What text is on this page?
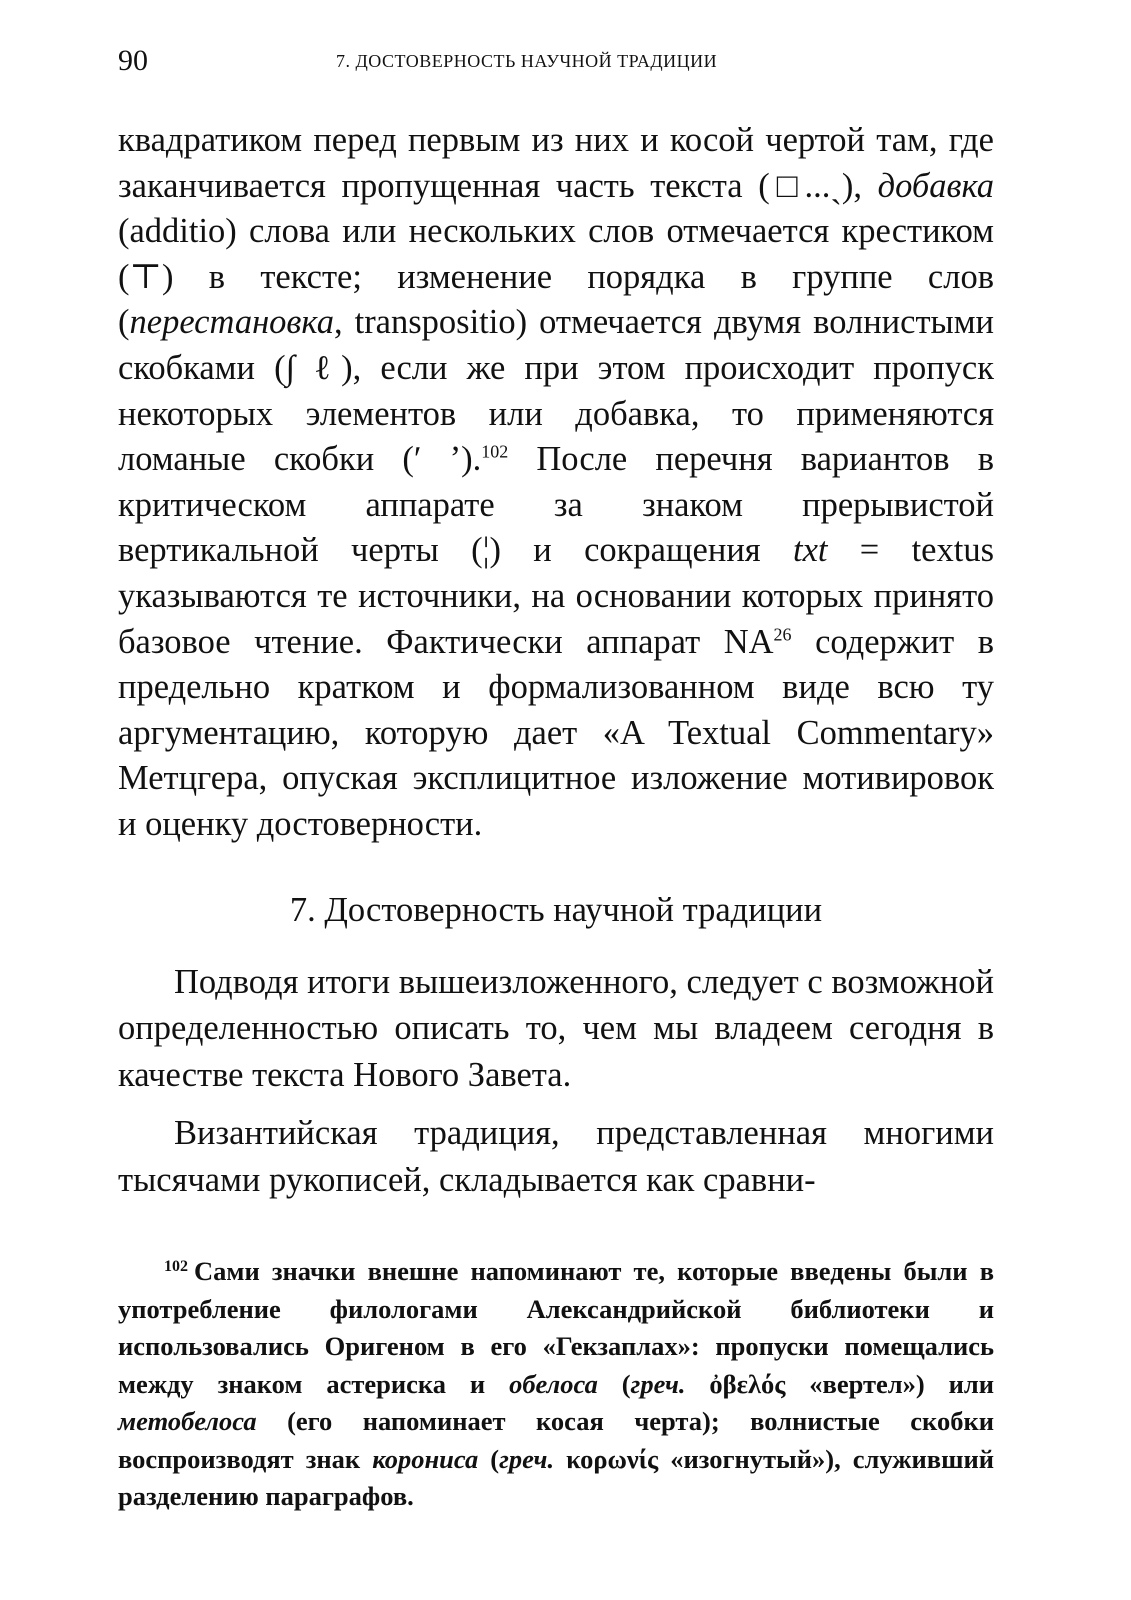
90	7. ДОСТОВЕРНОСТЬ НАУЧНОЙ ТРАДИЦИИ

квадратиком перед первым из них и косой чертой там, где заканчивается пропущенная часть текста (□...ˎ), добавка (additio) слова или нескольких слов отмечается крестиком (⊤) в тексте; изменение порядка в группе слов (перестановка, transpositio) отмечается двумя волнистыми скобками (∫ ℓ), если же при этом происходит пропуск некоторых элементов или добавка, то применяются ломаные скобки (ʹ ʼ).$^{102}$ После перечня вариантов в критическом аппарате за знаком прерывистой вертикальной черты (¦) и сокращения txt = textus указываются те источники, на основании которых принято базовое чтение. Фактически аппарат NA$^{26}$ содержит в предельно кратком и формализованном виде всю ту аргументацию, которую дает «A Textual Commentary» Метцгера, опуская эксплицитное изложение мотивировок и оценку достоверности.

7. Достоверность научной традиции

Подводя итоги вышеизложенного, следует с возможной определенностью описать то, чем мы владеем сегодня в качестве текста Нового Завета.

Византийская традиция, представленная многими тысячами рукописей, складывается как сравни-

$^{102}$ Сами значки внешне напоминают те, которые введены были в употребление филологами Александрийской библиотеки и использовались Оригеном в его «Гекзаплах»: пропуски помещались между знаком астериска и обелоса (греч. ὀβελός «вертел») или метобелоса (его напоминает косая черта); волнистые скобки воспроизводят знак корониса (греч. κορωνίς «изогнутый»), служивший разделению параграфов.
